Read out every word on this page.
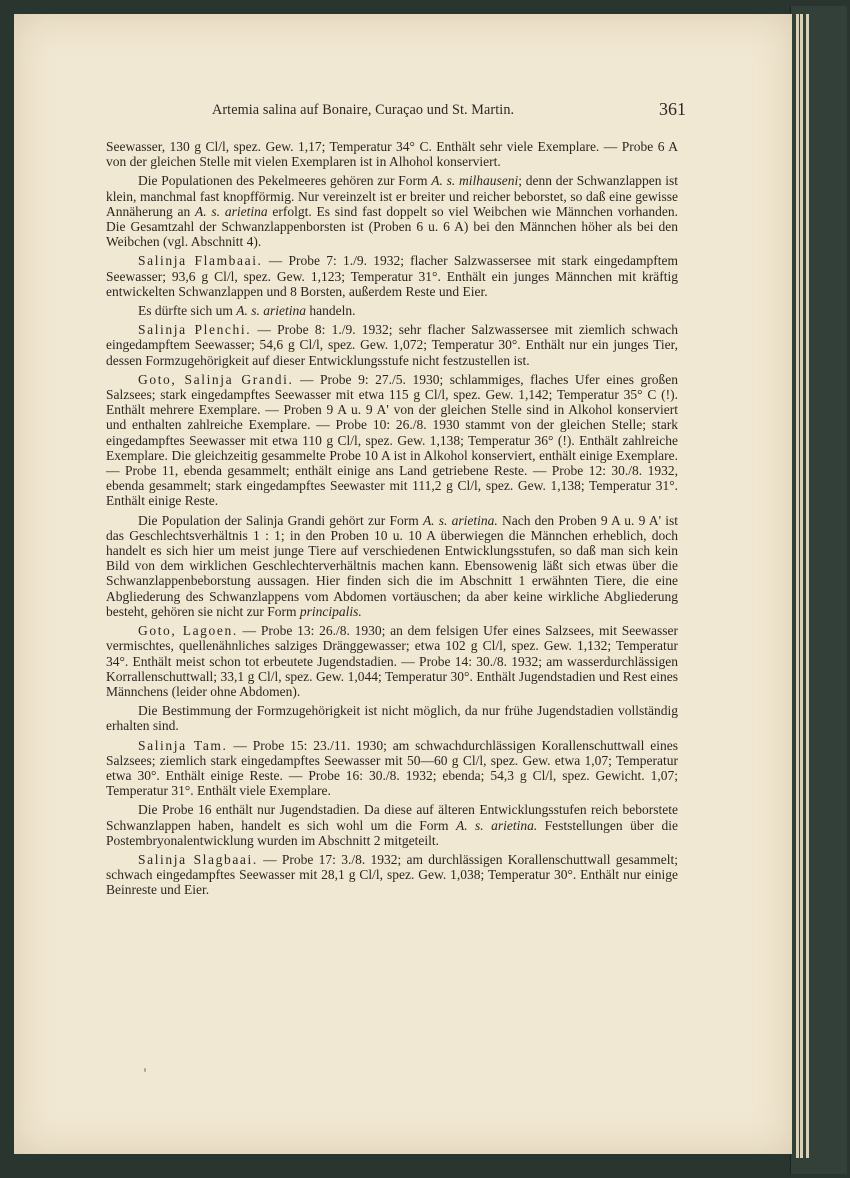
Artemia salina auf Bonaire, Curaçao und St. Martin.	361

Seewasser, 130 g Cl/l, spez. Gew. 1,17; Temperatur 34° C. Enthält sehr viele Exemplare. — Probe 6 A von der gleichen Stelle mit vielen Exemplaren ist in Alhohol konserviert.

Die Populationen des Pekelmeeres gehören zur Form A. s. milhauseni; denn der Schwanzlappen ist klein, manchmal fast knopfförmig. Nur vereinzelt ist er breiter und reicher beborstet, so daß eine gewisse Annäherung an A. s. arietina erfolgt. Es sind fast doppelt so viel Weibchen wie Männchen vorhanden. Die Gesamtzahl der Schwanzlappenborsten ist (Proben 6 u. 6 A) bei den Männchen höher als bei den Weibchen (vgl. Abschnitt 4).

Salinja Flambaai. — Probe 7: 1./9. 1932; flacher Salzwassersee mit stark eingedampftem Seewasser; 93,6 g Cl/l, spez. Gew. 1,123; Temperatur 31°. Enthält ein junges Männchen mit kräftig entwickelten Schwanzlappen und 8 Borsten, außerdem Reste und Eier.

Es dürfte sich um A. s. arietina handeln.

Salinja Plenchi. — Probe 8: 1./9. 1932; sehr flacher Salzwassersee mit ziemlich schwach eingedampftem Seewasser; 54,6 g Cl/l, spez. Gew. 1,072; Temperatur 30°. Enthält nur ein junges Tier, dessen Formzugehörigkeit auf dieser Entwicklungsstufe nicht festzustellen ist.

Goto, Salinja Grandi. — Probe 9: 27./5. 1930; schlammiges, flaches Ufer eines großen Salzsees; stark eingedampftes Seewasser mit etwa 115 g Cl/l, spez. Gew. 1,142; Temperatur 35° C (!). Enthält mehrere Exemplare. — Proben 9 A u. 9 A' von der gleichen Stelle sind in Alkohol konserviert und enthalten zahlreiche Exemplare. — Probe 10: 26./8. 1930 stammt von der gleichen Stelle; stark eingedampftes Seewasser mit etwa 110 g Cl/l, spez. Gew. 1,138; Temperatur 36° (!). Enthält zahlreiche Exemplare. Die gleichzeitig gesammelte Probe 10 A ist in Alkohol konserviert, enthält einige Exemplare. — Probe 11, ebenda gesammelt; enthält einige ans Land getriebene Reste. — Probe 12: 30./8. 1932, ebenda gesammelt; stark eingedampftes Seewaster mit 111,2 g Cl/l, spez. Gew. 1,138; Temperatur 31°. Enthält einige Reste.

Die Population der Salinja Grandi gehört zur Form A. s. arietina. Nach den Proben 9 A u. 9 A' ist das Geschlechtsverhältnis 1 : 1; in den Proben 10 u. 10 A überwiegen die Männchen erheblich, doch handelt es sich hier um meist junge Tiere auf verschiedenen Entwicklungsstufen, so daß man sich kein Bild von dem wirklichen Geschlechterverhältnis machen kann. Ebensowenig läßt sich etwas über die Schwanzlappenbeborstung aussagen. Hier finden sich die im Abschnitt 1 erwähnten Tiere, die eine Abgliederung des Schwanzlappens vom Abdomen vortäuschen; da aber keine wirkliche Abgliederung besteht, gehören sie nicht zur Form principalis.

Goto, Lagoen. — Probe 13: 26./8. 1930; an dem felsigen Ufer eines Salzsees, mit Seewasser vermischtes, quellenähnliches salziges Dränggewasser; etwa 102 g Cl/l, spez. Gew. 1,132; Temperatur 34°. Enthält meist schon tot erbeutete Jugendstadien. — Probe 14: 30./8. 1932; am wasserdurchlässigen Korrallenschuttwall; 33,1 g Cl/l, spez. Gew. 1,044; Temperatur 30°. Enthält Jugendstadien und Rest eines Männchens (leider ohne Abdomen).

Die Bestimmung der Formzugehörigkeit ist nicht möglich, da nur frühe Jugendstadien vollständig erhalten sind.

Salinja Tam. — Probe 15: 23./11. 1930; am schwachdurchlässigen Korallenschuttwall eines Salzsees; ziemlich stark eingedampftes Seewasser mit 50—60 g Cl/l, spez. Gew. etwa 1,07; Temperatur etwa 30°. Enthält einige Reste. — Probe 16: 30./8. 1932; ebenda; 54,3 g Cl/l, spez. Gewicht. 1,07; Temperatur 31°. Enthält viele Exemplare.

Die Probe 16 enthält nur Jugendstadien. Da diese auf älteren Entwicklungsstufen reich beborstete Schwanzlappen haben, handelt es sich wohl um die Form A. s. arietina. Feststellungen über die Postembryonalentwicklung wurden im Abschnitt 2 mitgeteilt.

Salinja Slagbaai. — Probe 17: 3./8. 1932; am durchlässigen Korallenschuttwall gesammelt; schwach eingedampftes Seewasser mit 28,1 g Cl/l, spez. Gew. 1,038; Temperatur 30°. Enthält nur einige Beinreste und Eier.
